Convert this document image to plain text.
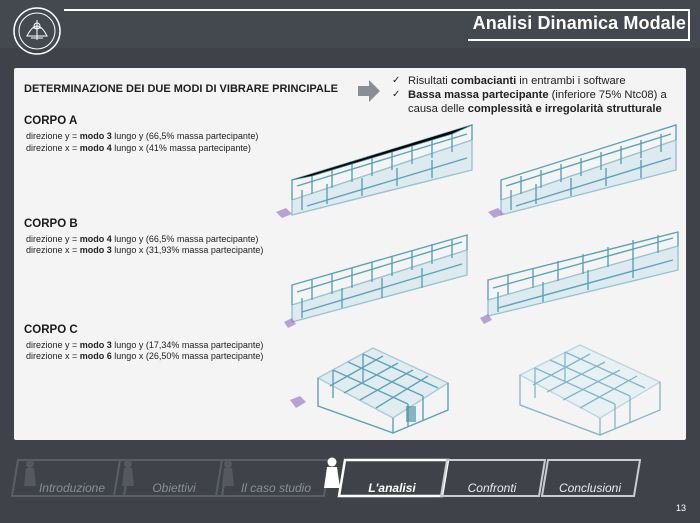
Analisi Dinamica Modale
DETERMINAZIONE DEI DUE MODI DI VIBRARE PRINCIPALE
✓ Risultati combacianti in entrambi i software
✓ Bassa massa partecipante (inferiore 75% Ntc08) a causa delle complessità e irregolarità strutturale
CORPO A
direzione y = modo 3 lungo y (66,5% massa partecipante)
direzione x = modo 4 lungo x (41% massa partecipante)
CORPO B
direzione y = modo 4 lungo y (66,5% massa partecipante)
direzione x = modo 3 lungo x (31,93% massa partecipante)
CORPO C
direzione y = modo 3 lungo y (17,34% massa partecipante)
direzione x = modo 6 lungo x (26,50% massa partecipante)
Introduzione	Obiettivi	Il caso studio	L'analisi	Confronti	Conclusioni
13
